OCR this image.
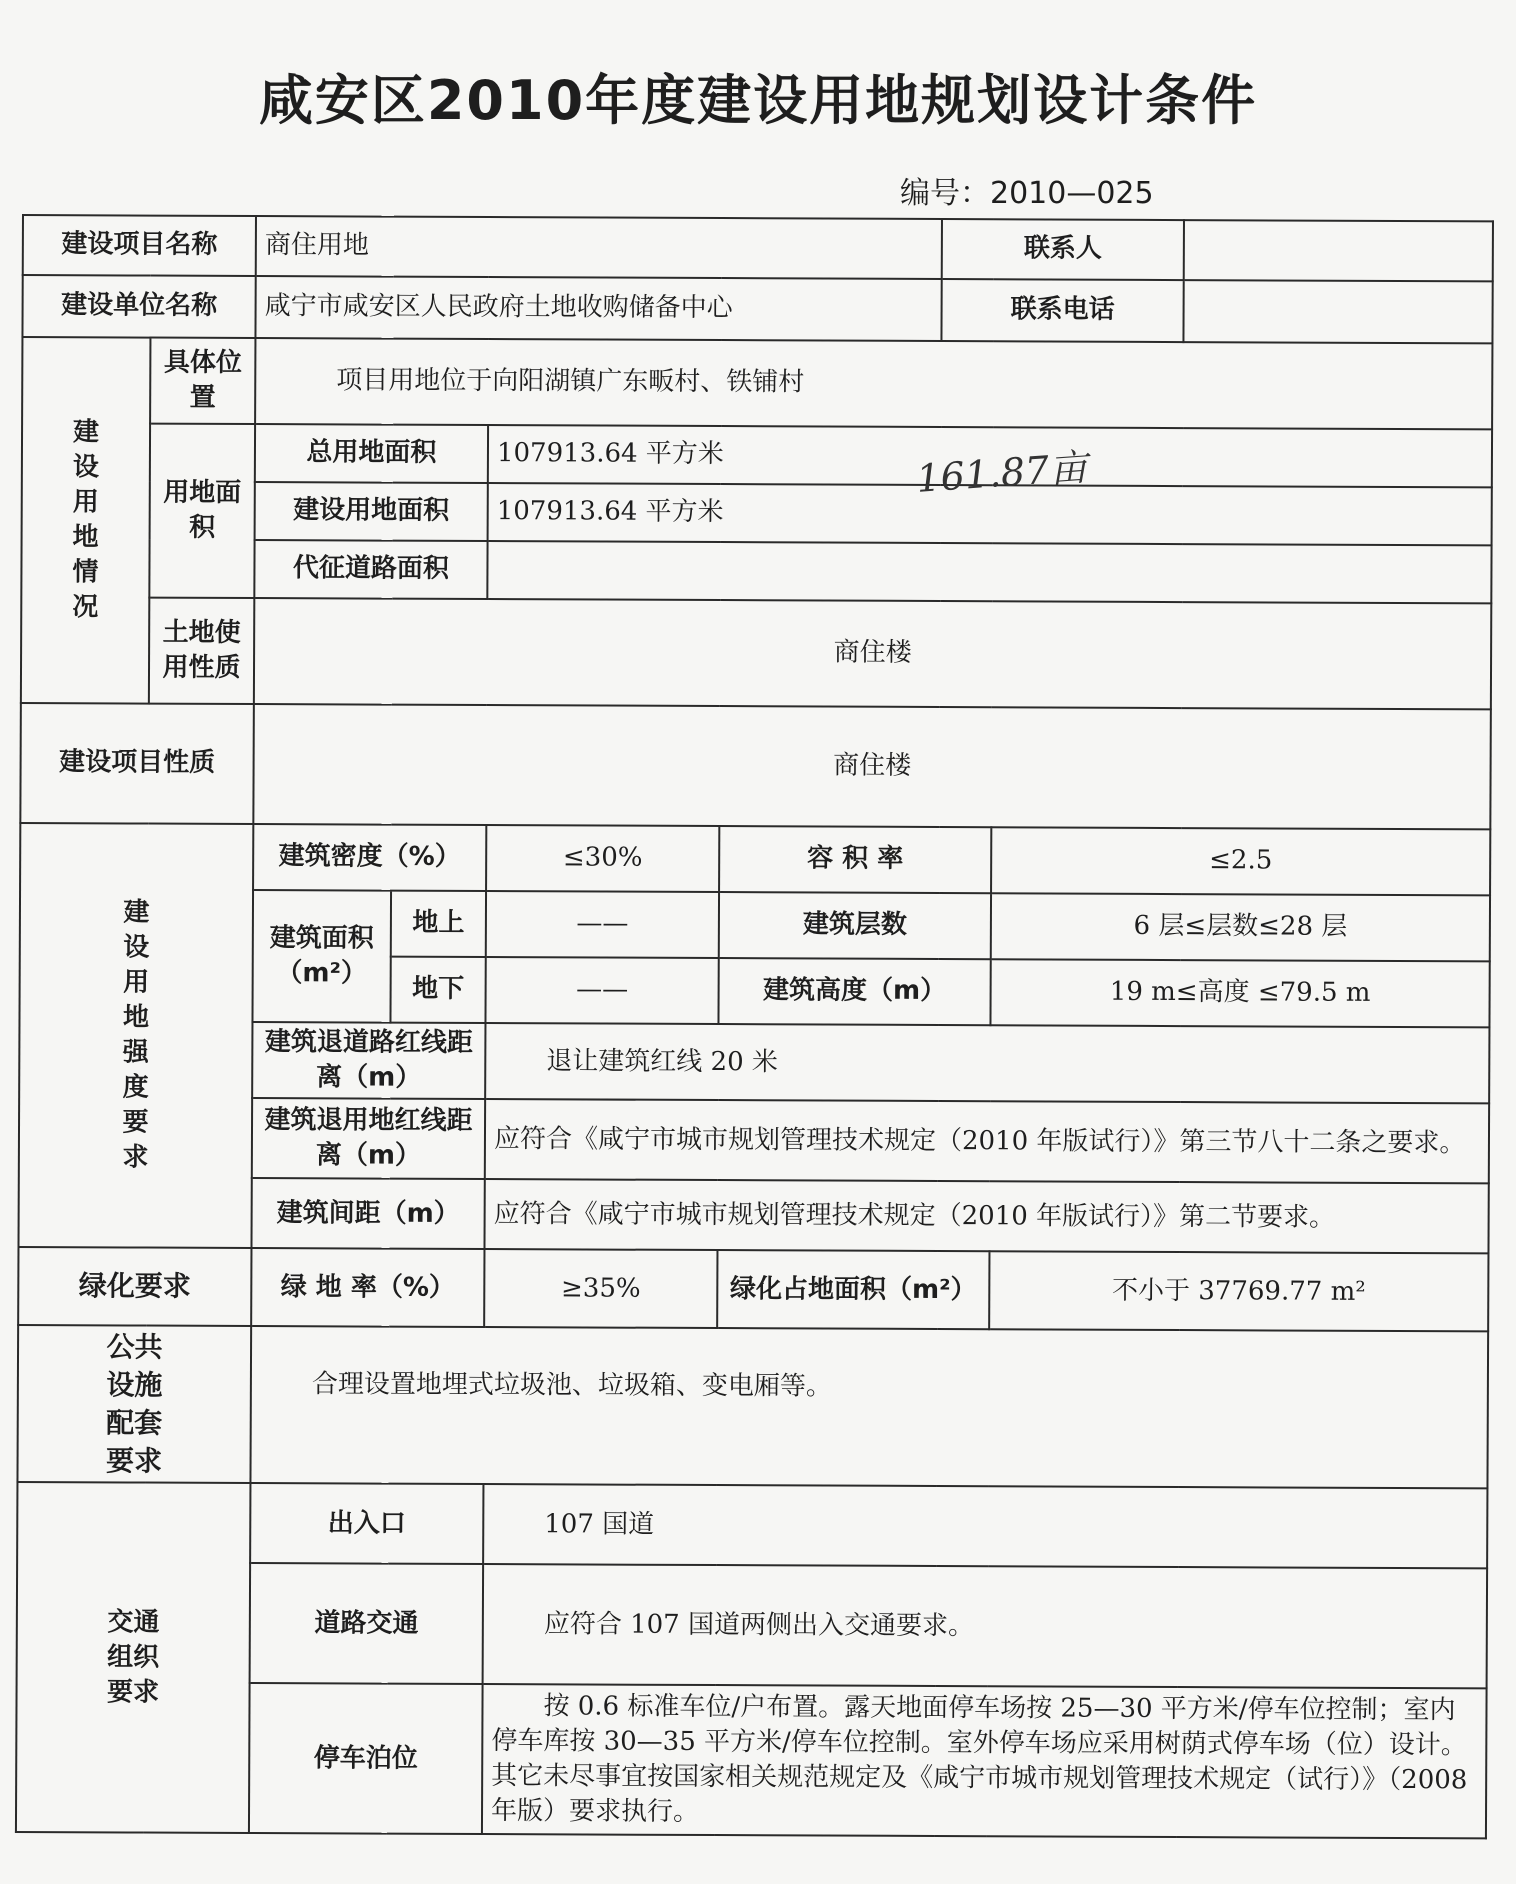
咸安区2010年度建设用地规划设计条件
编号：2010—025
建设项目名称		商住用地				联系人		
建设单位名称		咸宁市咸安区人民政府土地收购储备中心				联系电话		

建设用地情况	具体位置	项目用地位于向阳湖镇广东畈村、铁铺村						
	用地面积	总用地面积		107913.64 平方米				
		建设用地面积		107913.64 平方米				
		代征道路面积						
	土地使用性质	商住楼						
建设项目性质		商住楼						

建设用地强度要求		建筑密度（%）		≤30%	容 积 率		≤2.5	
		建筑面积（m²）	地上	——	建筑层数		6 层≤层数≤28 层	
			地下	——	建筑高度（m）		19 m≤高度 ≤79.5 m	
		建筑退道路红线距离（m）		退让建筑红线 20 米				
		建筑退用地红线距离（m）		应符合《咸宁市城市规划管理技术规定（2010 年版试行）》第三节八十二条之要求。				
		建筑间距（m）		应符合《咸宁市城市规划管理技术规定（2010 年版试行）》第二节要求。				
绿化要求		绿 地 率（%）		≥35%	绿化占地面积（m²）		不小于 37769.77 m²	

公共设施配套要求		合理设置地埋式垃圾池、垃圾箱、变电厢等。						

交通组织要求		出入口		107 国道				
		道路交通		应符合 107 国道两侧出入交通要求。				
		停车泊位		按 0.6 标准车位/户布置。露天地面停车场按 25—30 平方米/停车位控制；室内停车库按 30—35 平方米/停车位控制。室外停车场应采用树荫式停车场（位）设计。其它未尽事宜按国家相关规范规定及《咸宁市城市规划管理技术规定（试行）》（2008 年版）要求执行。				
161.87亩
